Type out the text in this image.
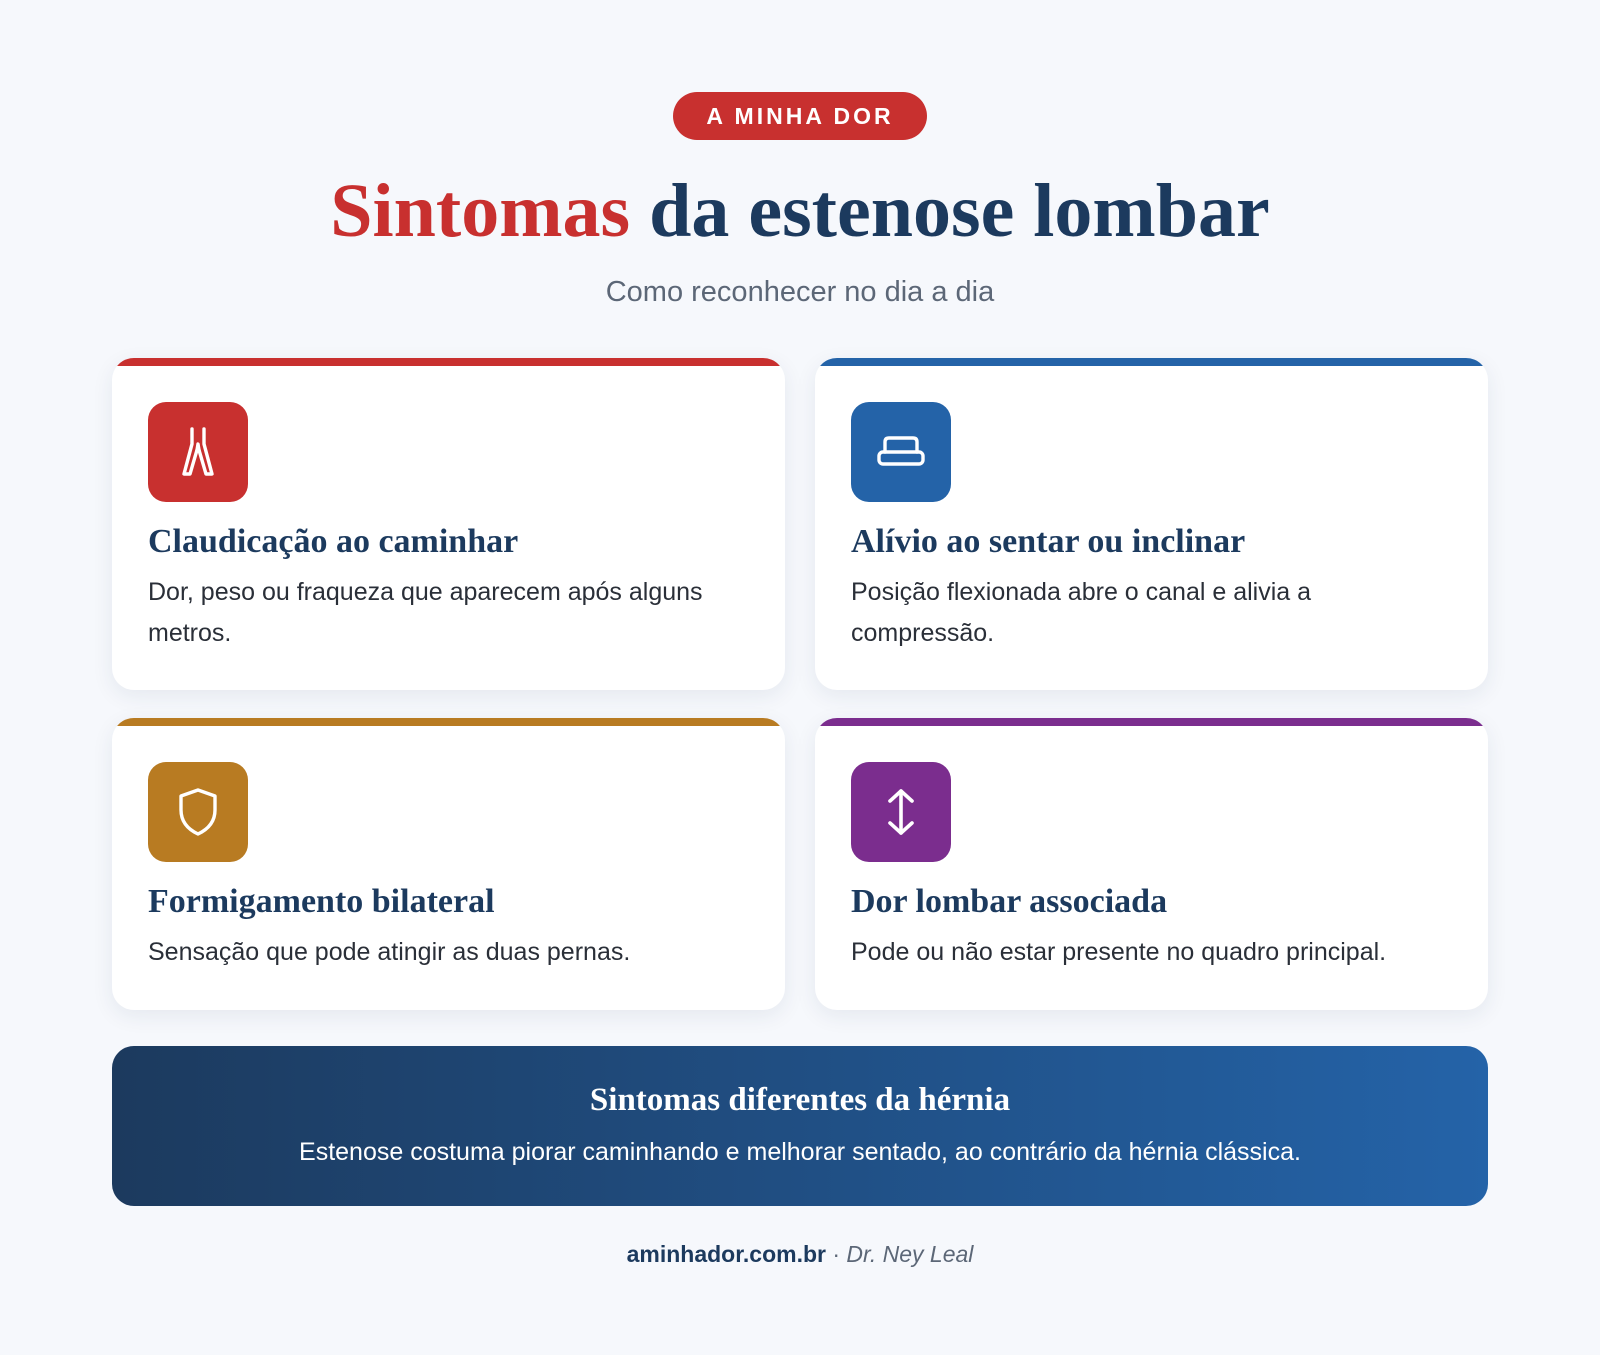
A MINHA DOR
Sintomas da estenose lombar
Como reconhecer no dia a dia
Claudicação ao caminhar
Dor, peso ou fraqueza que aparecem após alguns metros.
Alívio ao sentar ou inclinar
Posição flexionada abre o canal e alivia a compressão.
Formigamento bilateral
Sensação que pode atingir as duas pernas.
Dor lombar associada
Pode ou não estar presente no quadro principal.
Sintomas diferentes da hérnia
Estenose costuma piorar caminhando e melhorar sentado, ao contrário da hérnia clássica.
aminhador.com.br · Dr. Ney Leal
